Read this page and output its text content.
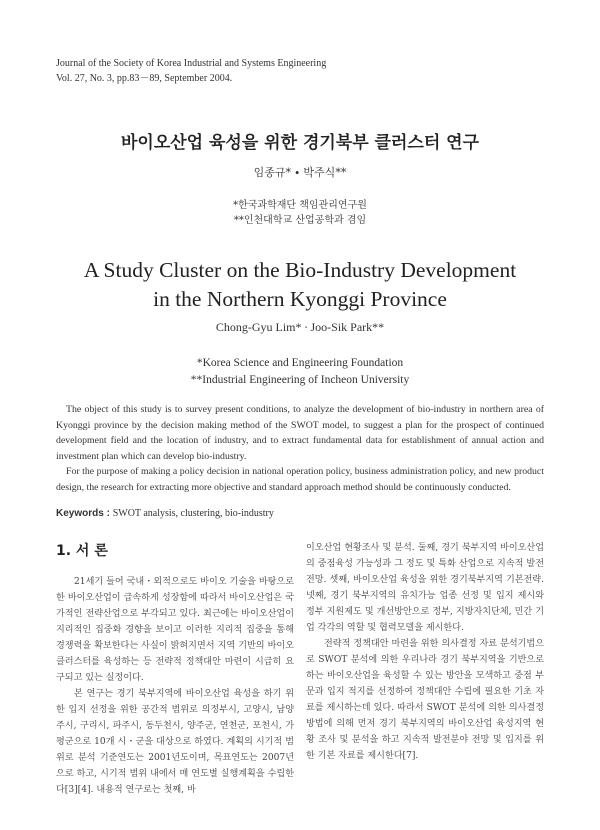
Journal of the Society of Korea Industrial and Systems Engineering
Vol. 27, No. 3, pp.83－89, September 2004.
바이오산업 육성을 위한 경기북부 클러스터 연구
임종규* ∙ 박주식**
*한국과학재단 책임관리연구원
**인천대학교 산업공학과 겸임
A Study Cluster on the Bio-Industry Development
in the Northern Kyonggi Province
Chong-Gyu Lim* ∙ Joo-Sik Park**
*Korea Science and Engineering Foundation
**Industrial Engineering of Incheon University

The object of this study is to survey present conditions, to analyze the development of bio-industry in northern area of Kyonggi province by the decision making method of the SWOT model, to suggest a plan for the prospect of continued development field and the location of industry, and to extract fundamental data for establishment of annual action and investment plan which can develop bio-industry.

For the purpose of making a policy decision in national operation policy, business administration policy, and new product design, the research for extracting more objective and standard approach method should be continuously conducted.

Keywords : SWOT analysis, clustering, bio-industry
1. 서 론

21세기 들어 국내・외적으로도 바이오 기술을 바탕으로 한 바이오산업이 급속하게 성장함에 따라서 바이오산업은 국가적인 전략산업으로 부각되고 있다. 최근에는 바이오산업이 지리적인 집중화 경향을 보이고 이러한 지리적 집중을 통해 경쟁력을 확보한다는 사실이 밝혀지면서 지역 기반의 바이오 클러스터를 육성하는 등 전략적 정책대안 마련이 시급히 요구되고 있는 실정이다.

본 연구는 경기 북부지역에 바이오산업 육성을 하기 위한 입지 선정을 위한 공간적 범위로 의정부시, 고양시, 남양주시, 구리시, 파주시, 동두천시, 양주군, 연천군, 포천시, 가평군으로 10개 시・군을 대상으로 하였다. 계획의 시기적 범위로 분석 기준연도는 2001년도이며, 목표연도는 2007년으로 하고, 시기적 범위 내에서 매 연도별 실행계획을 수립한다[3][4]. 내용적 연구로는 첫째, 바

이오산업 현황조사 및 분석. 둘째, 경기 북부지역 바이오산업의 중점육성 가능성과 그 정도 및 특화 산업으로 지속적 발전 전망. 셋째, 바이오산업 육성을 위한 경기북부지역 기본전략. 넷째, 경기 북부지역의 유치가능 업종 선정 및 입지 제시와 정부 지원제도 및 개선방안으로 정부, 지방자치단체, 민간 기업 각각의 역할 및 협력모델을 제시한다.

전략적 정책대안 마련을 위한 의사결정 자료 분석기법으로 SWOT 분석에 의한 우리나라 경기 북부지역을 기반으로 하는 바이오산업을 육성할 수 있는 방안을 모색하고 중점 부문과 입지 적지를 선정하여 정책대안 수립에 필요한 기초 자료를 제시하는데 있다. 따라서 SWOT 분석에 의한 의사결정방법에 의해 먼저 경기 북부지역의 바이오산업 육성지역 현황 조사 및 분석을 하고 지속적 발전분야 전망 및 입지를 위한 기본 자료를 제시한다[7].
